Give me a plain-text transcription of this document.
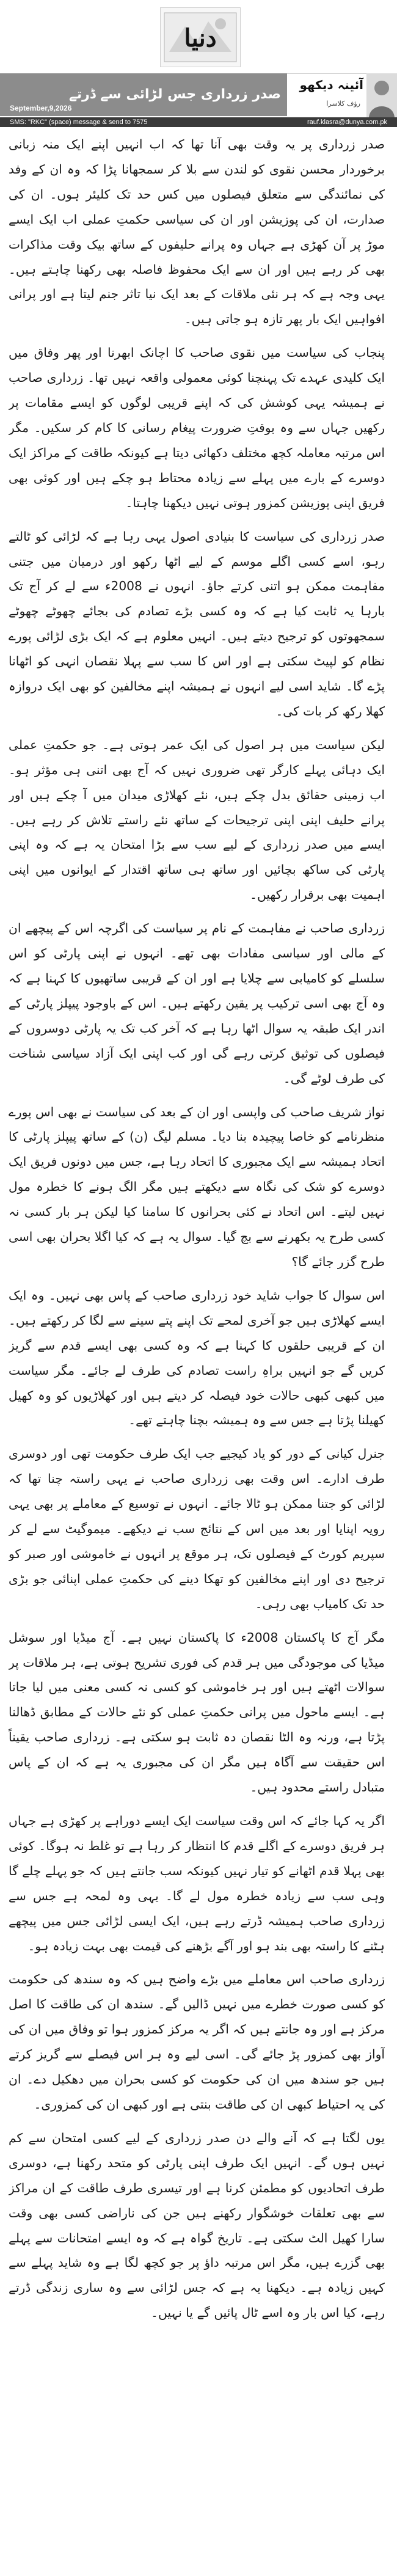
دنیا
صدر زرداری جس لڑائی سے ڈرتے
September,9,2026
آئینہ دیکھو
رؤف کلاسرا
SMS: "RKC" (space) message & send to 7575	rauf.klasra@dunya.com.pk

صدر زرداری پر یہ وقت بھی آنا تھا کہ اب انہیں اپنے ایک منہ زبانی برخوردار محسن نقوی کو لندن سے بلا کر سمجھانا پڑا کہ وہ ان کے وفد کی نمائندگی سے متعلق فیصلوں میں کس حد تک کلیئر ہوں۔ ان کی صدارت، ان کی پوزیشن اور ان کی سیاسی حکمتِ عملی اب ایک ایسے موڑ پر آن کھڑی ہے جہاں وہ پرانے حلیفوں کے ساتھ بیک وقت مذاکرات بھی کر رہے ہیں اور ان سے ایک محفوظ فاصلہ بھی رکھنا چاہتے ہیں۔ یہی وجہ ہے کہ ہر نئی ملاقات کے بعد ایک نیا تاثر جنم لیتا ہے اور پرانی افواہیں ایک بار پھر تازہ ہو جاتی ہیں۔

پنجاب کی سیاست میں نقوی صاحب کا اچانک ابھرنا اور پھر وفاق میں ایک کلیدی عہدے تک پہنچنا کوئی معمولی واقعہ نہیں تھا۔ زرداری صاحب نے ہمیشہ یہی کوشش کی کہ اپنے قریبی لوگوں کو ایسے مقامات پر رکھیں جہاں سے وہ بوقتِ ضرورت پیغام رسانی کا کام کر سکیں۔ مگر اس مرتبہ معاملہ کچھ مختلف دکھائی دیتا ہے کیونکہ طاقت کے مراکز ایک دوسرے کے بارے میں پہلے سے زیادہ محتاط ہو چکے ہیں اور کوئی بھی فریق اپنی پوزیشن کمزور ہوتی نہیں دیکھنا چاہتا۔

صدر زرداری کی سیاست کا بنیادی اصول یہی رہا ہے کہ لڑائی کو ٹالتے رہو، اسے کسی اگلے موسم کے لیے اٹھا رکھو اور درمیان میں جتنی مفاہمت ممکن ہو اتنی کرتے جاؤ۔ انہوں نے 2008ء سے لے کر آج تک بارہا یہ ثابت کیا ہے کہ وہ کسی بڑے تصادم کی بجائے چھوٹے چھوٹے سمجھوتوں کو ترجیح دیتے ہیں۔ انہیں معلوم ہے کہ ایک بڑی لڑائی پورے نظام کو لپیٹ سکتی ہے اور اس کا سب سے پہلا نقصان انہی کو اٹھانا پڑے گا۔ شاید اسی لیے انہوں نے ہمیشہ اپنے مخالفین کو بھی ایک دروازہ کھلا رکھ کر بات کی۔

لیکن سیاست میں ہر اصول کی ایک عمر ہوتی ہے۔ جو حکمتِ عملی ایک دہائی پہلے کارگر تھی ضروری نہیں کہ آج بھی اتنی ہی مؤثر ہو۔ اب زمینی حقائق بدل چکے ہیں، نئے کھلاڑی میدان میں آ چکے ہیں اور پرانے حلیف اپنی اپنی ترجیحات کے ساتھ نئے راستے تلاش کر رہے ہیں۔ ایسے میں صدر زرداری کے لیے سب سے بڑا امتحان یہ ہے کہ وہ اپنی پارٹی کی ساکھ بچائیں اور ساتھ ہی ساتھ اقتدار کے ایوانوں میں اپنی اہمیت بھی برقرار رکھیں۔

زرداری صاحب نے مفاہمت کے نام پر سیاست کی اگرچہ اس کے پیچھے ان کے مالی اور سیاسی مفادات بھی تھے۔ انہوں نے اپنی پارٹی کو اس سلسلے کو کامیابی سے چلایا ہے اور ان کے قریبی ساتھیوں کا کہنا ہے کہ وہ آج بھی اسی ترکیب پر یقین رکھتے ہیں۔ اس کے باوجود پیپلز پارٹی کے اندر ایک طبقہ یہ سوال اٹھا رہا ہے کہ آخر کب تک یہ پارٹی دوسروں کے فیصلوں کی توثیق کرتی رہے گی اور کب اپنی ایک آزاد سیاسی شناخت کی طرف لوٹے گی۔

نواز شریف صاحب کی واپسی اور ان کے بعد کی سیاست نے بھی اس پورے منظرنامے کو خاصا پیچیدہ بنا دیا۔ مسلم لیگ (ن) کے ساتھ پیپلز پارٹی کا اتحاد ہمیشہ سے ایک مجبوری کا اتحاد رہا ہے، جس میں دونوں فریق ایک دوسرے کو شک کی نگاہ سے دیکھتے ہیں مگر الگ ہونے کا خطرہ مول نہیں لیتے۔ اس اتحاد نے کئی بحرانوں کا سامنا کیا لیکن ہر بار کسی نہ کسی طرح یہ بکھرنے سے بچ گیا۔ سوال یہ ہے کہ کیا اگلا بحران بھی اسی طرح گزر جائے گا؟

اس سوال کا جواب شاید خود زرداری صاحب کے پاس بھی نہیں۔ وہ ایک ایسے کھلاڑی ہیں جو آخری لمحے تک اپنے پتے سینے سے لگا کر رکھتے ہیں۔ ان کے قریبی حلقوں کا کہنا ہے کہ وہ کسی بھی ایسے قدم سے گریز کریں گے جو انہیں براہِ راست تصادم کی طرف لے جائے۔ مگر سیاست میں کبھی کبھی حالات خود فیصلہ کر دیتے ہیں اور کھلاڑیوں کو وہ کھیل کھیلنا پڑتا ہے جس سے وہ ہمیشہ بچنا چاہتے تھے۔

جنرل کیانی کے دور کو یاد کیجیے جب ایک طرف حکومت تھی اور دوسری طرف ادارے۔ اس وقت بھی زرداری صاحب نے یہی راستہ چنا تھا کہ لڑائی کو جتنا ممکن ہو ٹالا جائے۔ انہوں نے توسیع کے معاملے پر بھی یہی رویہ اپنایا اور بعد میں اس کے نتائج سب نے دیکھے۔ میموگیٹ سے لے کر سپریم کورٹ کے فیصلوں تک، ہر موقع پر انہوں نے خاموشی اور صبر کو ترجیح دی اور اپنے مخالفین کو تھکا دینے کی حکمتِ عملی اپنائی جو بڑی حد تک کامیاب بھی رہی۔

مگر آج کا پاکستان 2008ء کا پاکستان نہیں ہے۔ آج میڈیا اور سوشل میڈیا کی موجودگی میں ہر قدم کی فوری تشریح ہوتی ہے، ہر ملاقات پر سوالات اٹھتے ہیں اور ہر خاموشی کو کسی نہ کسی معنی میں لیا جاتا ہے۔ ایسے ماحول میں پرانی حکمتِ عملی کو نئے حالات کے مطابق ڈھالنا پڑتا ہے، ورنہ وہ الٹا نقصان دہ ثابت ہو سکتی ہے۔ زرداری صاحب یقیناً اس حقیقت سے آگاہ ہیں مگر ان کی مجبوری یہ ہے کہ ان کے پاس متبادل راستے محدود ہیں۔

اگر یہ کہا جائے کہ اس وقت سیاست ایک ایسے دوراہے پر کھڑی ہے جہاں ہر فریق دوسرے کے اگلے قدم کا انتظار کر رہا ہے تو غلط نہ ہوگا۔ کوئی بھی پہلا قدم اٹھانے کو تیار نہیں کیونکہ سب جانتے ہیں کہ جو پہلے چلے گا وہی سب سے زیادہ خطرہ مول لے گا۔ یہی وہ لمحہ ہے جس سے زرداری صاحب ہمیشہ ڈرتے رہے ہیں، ایک ایسی لڑائی جس میں پیچھے ہٹنے کا راستہ بھی بند ہو اور آگے بڑھنے کی قیمت بھی بہت زیادہ ہو۔

زرداری صاحب اس معاملے میں بڑے واضح ہیں کہ وہ سندھ کی حکومت کو کسی صورت خطرے میں نہیں ڈالیں گے۔ سندھ ان کی طاقت کا اصل مرکز ہے اور وہ جانتے ہیں کہ اگر یہ مرکز کمزور ہوا تو وفاق میں ان کی آواز بھی کمزور پڑ جائے گی۔ اسی لیے وہ ہر اس فیصلے سے گریز کرتے ہیں جو سندھ میں ان کی حکومت کو کسی بحران میں دھکیل دے۔ ان کی یہ احتیاط کبھی ان کی طاقت بنتی ہے اور کبھی ان کی کمزوری۔

یوں لگتا ہے کہ آنے والے دن صدر زرداری کے لیے کسی امتحان سے کم نہیں ہوں گے۔ انہیں ایک طرف اپنی پارٹی کو متحد رکھنا ہے، دوسری طرف اتحادیوں کو مطمئن کرنا ہے اور تیسری طرف طاقت کے ان مراکز سے بھی تعلقات خوشگوار رکھنے ہیں جن کی ناراضی کسی بھی وقت سارا کھیل الٹ سکتی ہے۔ تاریخ گواہ ہے کہ وہ ایسے امتحانات سے پہلے بھی گزرے ہیں، مگر اس مرتبہ داؤ پر جو کچھ لگا ہے وہ شاید پہلے سے کہیں زیادہ ہے۔ دیکھنا یہ ہے کہ جس لڑائی سے وہ ساری زندگی ڈرتے رہے، کیا اس بار وہ اسے ٹال پائیں گے یا نہیں۔
